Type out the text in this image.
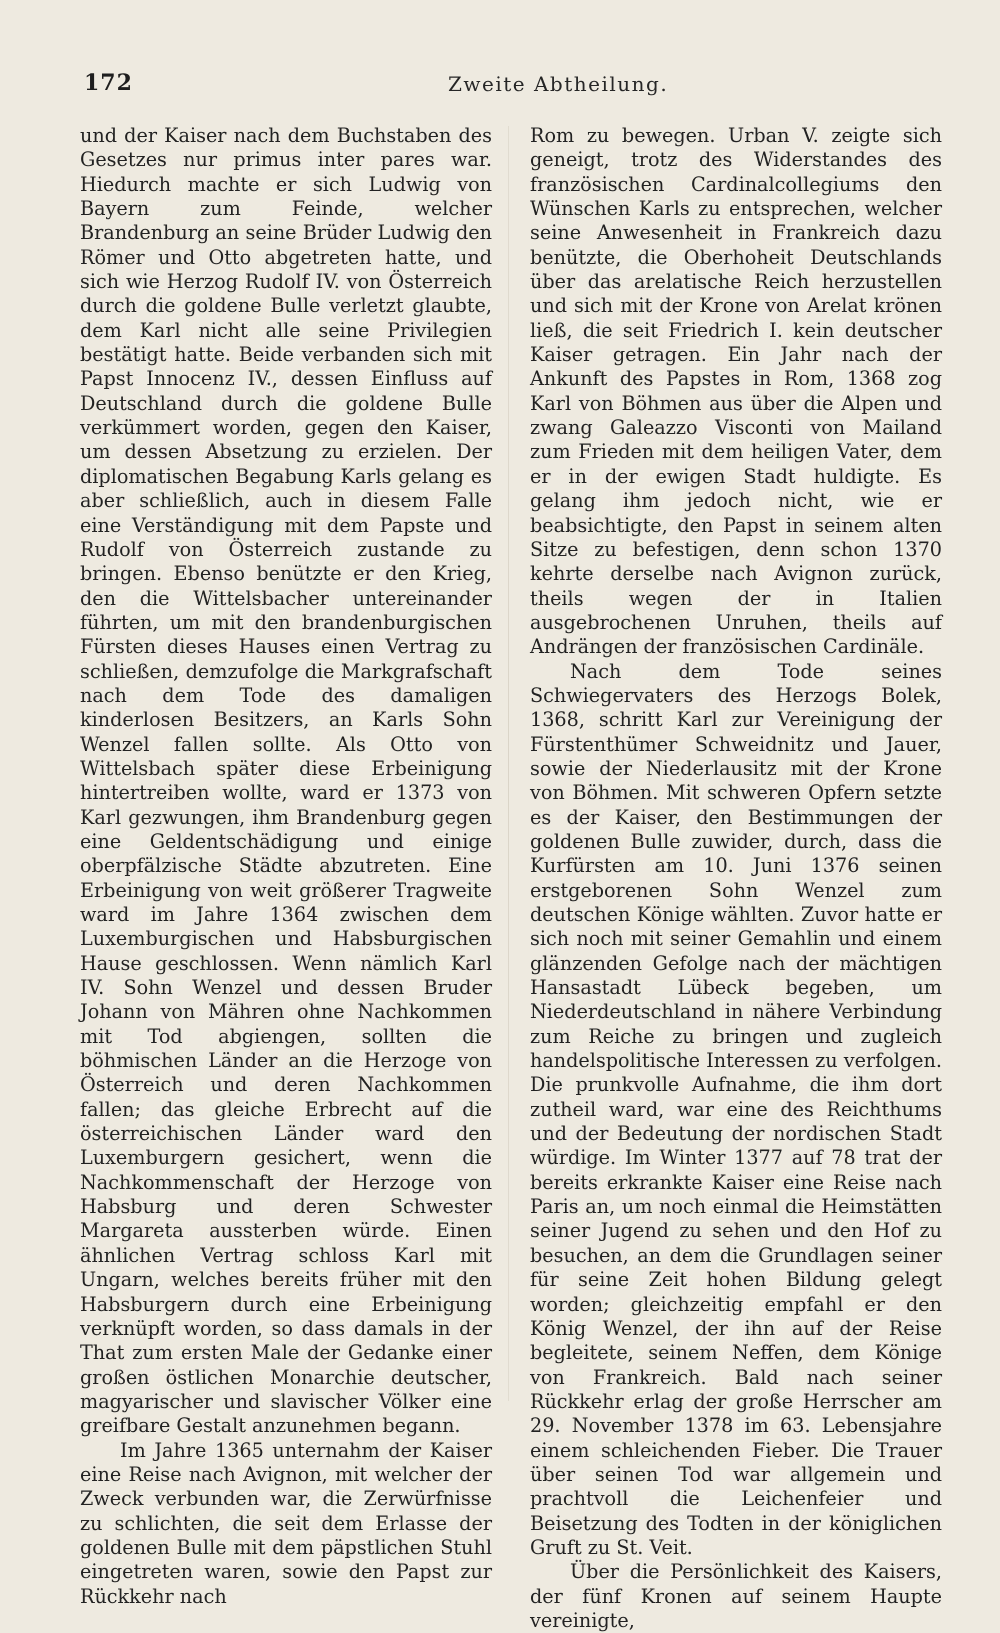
172	Zweite Abtheilung.

und der Kaiser nach dem Buchstaben des Gesetzes nur primus inter pares war. Hiedurch machte er sich Ludwig von Bayern zum Feinde, welcher Brandenburg an seine Brüder Ludwig den Römer und Otto abgetreten hatte, und sich wie Herzog Rudolf IV. von Österreich durch die goldene Bulle verletzt glaubte, dem Karl nicht alle seine Privilegien bestätigt hatte. Beide verbanden sich mit Papst Innocenz IV., dessen Einfluss auf Deutschland durch die goldene Bulle verkümmert worden, gegen den Kaiser, um dessen Absetzung zu erzielen. Der diplomatischen Begabung Karls gelang es aber schließlich, auch in diesem Falle eine Verständigung mit dem Papste und Rudolf von Österreich zustande zu bringen. Ebenso benützte er den Krieg, den die Wittelsbacher untereinander führten, um mit den brandenburgischen Fürsten dieses Hauses einen Vertrag zu schließen, demzufolge die Markgrafschaft nach dem Tode des damaligen kinderlosen Besitzers, an Karls Sohn Wenzel fallen sollte. Als Otto von Wittelsbach später diese Erbeinigung hintertreiben wollte, ward er 1373 von Karl gezwungen, ihm Brandenburg gegen eine Geldentschädigung und einige oberpfälzische Städte abzutreten. Eine Erbeinigung von weit größerer Tragweite ward im Jahre 1364 zwischen dem Luxemburgischen und Habsburgischen Hause geschlossen. Wenn nämlich Karl IV. Sohn Wenzel und dessen Bruder Johann von Mähren ohne Nachkommen mit Tod abgiengen, sollten die böhmischen Länder an die Herzoge von Österreich und deren Nachkommen fallen; das gleiche Erbrecht auf die österreichischen Länder ward den Luxemburgern gesichert, wenn die Nachkommenschaft der Herzoge von Habsburg und deren Schwester Margareta aussterben würde. Einen ähnlichen Vertrag schloss Karl mit Ungarn, welches bereits früher mit den Habsburgern durch eine Erbeinigung verknüpft worden, so dass damals in der That zum ersten Male der Gedanke einer großen östlichen Monarchie deutscher, magyarischer und slavischer Völker eine greifbare Gestalt anzunehmen begann.

Im Jahre 1365 unternahm der Kaiser eine Reise nach Avignon, mit welcher der Zweck verbunden war, die Zerwürfnisse zu schlichten, die seit dem Erlasse der goldenen Bulle mit dem päpstlichen Stuhl eingetreten waren, sowie den Papst zur Rückkehr nach

Rom zu bewegen. Urban V. zeigte sich geneigt, trotz des Widerstandes des französischen Cardinalcollegiums den Wünschen Karls zu entsprechen, welcher seine Anwesenheit in Frankreich dazu benützte, die Oberhoheit Deutschlands über das arelatische Reich herzustellen und sich mit der Krone von Arelat krönen ließ, die seit Friedrich I. kein deutscher Kaiser getragen. Ein Jahr nach der Ankunft des Papstes in Rom, 1368 zog Karl von Böhmen aus über die Alpen und zwang Galeazzo Visconti von Mailand zum Frieden mit dem heiligen Vater, dem er in der ewigen Stadt huldigte. Es gelang ihm jedoch nicht, wie er beabsichtigte, den Papst in seinem alten Sitze zu befestigen, denn schon 1370 kehrte derselbe nach Avignon zurück, theils wegen der in Italien ausgebrochenen Unruhen, theils auf Andrängen der französischen Cardinäle.

Nach dem Tode seines Schwiegervaters des Herzogs Bolek, 1368, schritt Karl zur Vereinigung der Fürstenthümer Schweidnitz und Jauer, sowie der Niederlausitz mit der Krone von Böhmen. Mit schweren Opfern setzte es der Kaiser, den Bestimmungen der goldenen Bulle zuwider, durch, dass die Kurfürsten am 10. Juni 1376 seinen erstgeborenen Sohn Wenzel zum deutschen Könige wählten. Zuvor hatte er sich noch mit seiner Gemahlin und einem glänzenden Gefolge nach der mächtigen Hansastadt Lübeck begeben, um Niederdeutschland in nähere Verbindung zum Reiche zu bringen und zugleich handelspolitische Interessen zu verfolgen. Die prunkvolle Aufnahme, die ihm dort zutheil ward, war eine des Reichthums und der Bedeutung der nordischen Stadt würdige. Im Winter 1377 auf 78 trat der bereits erkrankte Kaiser eine Reise nach Paris an, um noch einmal die Heimstätten seiner Jugend zu sehen und den Hof zu besuchen, an dem die Grundlagen seiner für seine Zeit hohen Bildung gelegt worden; gleichzeitig empfahl er den König Wenzel, der ihn auf der Reise begleitete, seinem Neffen, dem Könige von Frankreich. Bald nach seiner Rückkehr erlag der große Herrscher am 29. November 1378 im 63. Lebensjahre einem schleichenden Fieber. Die Trauer über seinen Tod war allgemein und prachtvoll die Leichenfeier und Beisetzung des Todten in der königlichen Gruft zu St. Veit.

Über die Persönlichkeit des Kaisers, der fünf Kronen auf seinem Haupte vereinigte,
